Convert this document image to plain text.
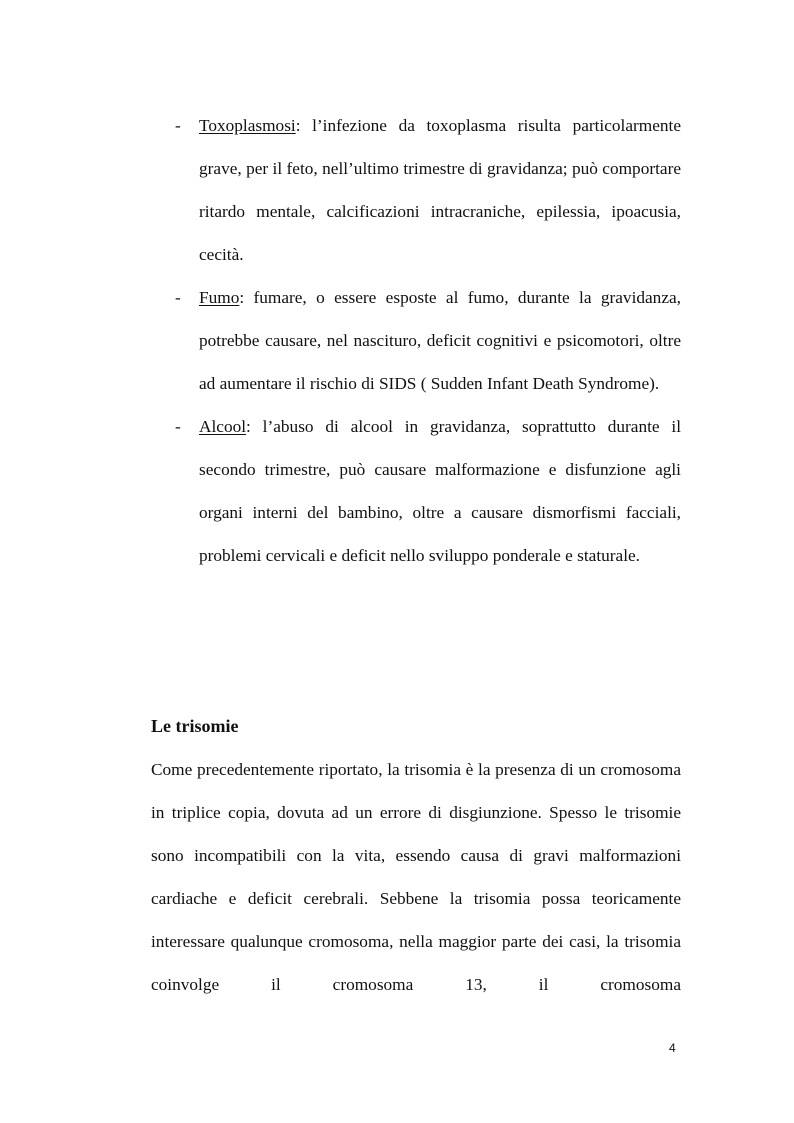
- Toxoplasmosi: l’infezione da toxoplasma risulta particolarmente grave, per il feto, nell’ultimo trimestre di gravidanza; può comportare ritardo mentale, calcificazioni intracraniche, epilessia, ipoacusia, cecità.
- Fumo: fumare, o essere esposte al fumo, durante la gravidanza, potrebbe causare, nel nascituro, deficit cognitivi e psicomotori, oltre ad aumentare il rischio di SIDS ( Sudden Infant Death Syndrome).
- Alcool: l’abuso di alcool in gravidanza, soprattutto durante il secondo trimestre, può causare malformazione e disfunzione agli organi interni del bambino, oltre a causare dismorfismi facciali, problemi cervicali e deficit nello sviluppo ponderale e staturale.
Le trisomie

Come precedentemente riportato, la trisomia è la presenza di un cromosoma in triplice copia, dovuta ad un errore di disgiunzione. Spesso le trisomie sono incompatibili con la vita, essendo causa di gravi malformazioni cardiache e deficit cerebrali. Sebbene la trisomia possa teoricamente interessare qualunque cromosoma, nella maggior parte dei casi, la trisomia coinvolge il cromosoma 13, il cromosoma

4
